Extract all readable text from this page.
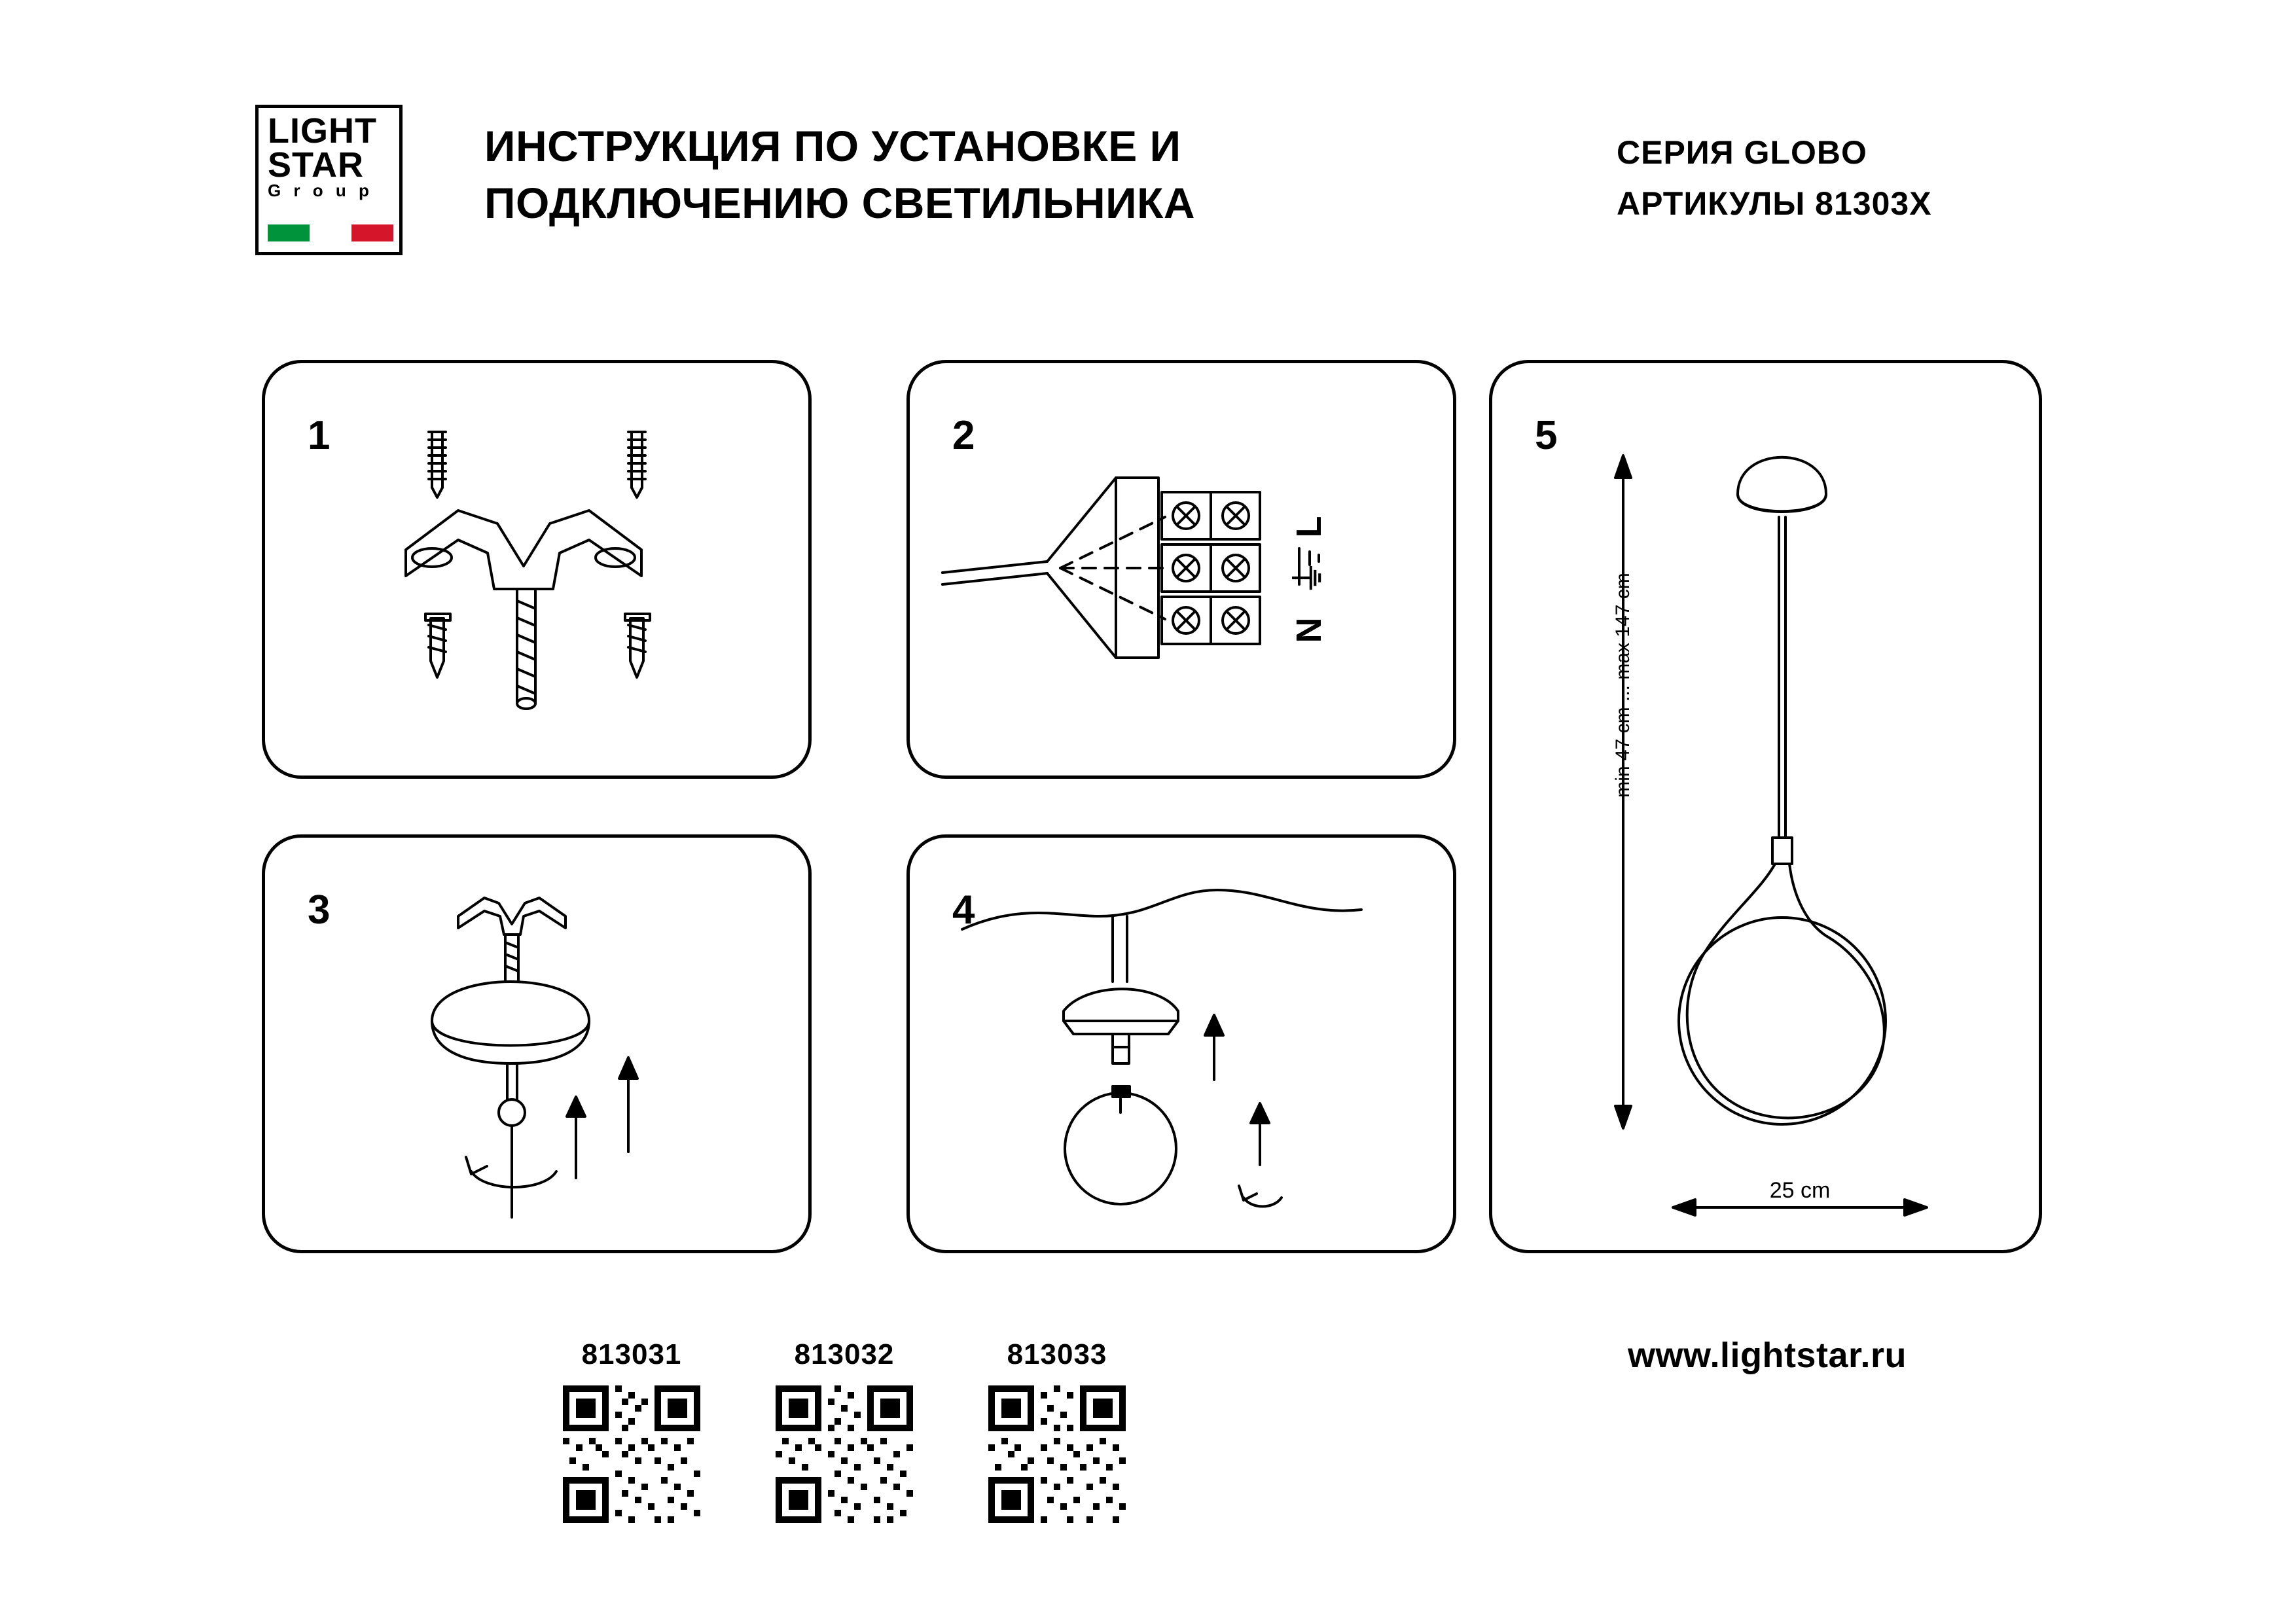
LIGHT
STAR
G r o u p
ИНСТРУКЦИЯ ПО УСТАНОВКЕ И ПОДКЛЮЧЕНИЮ СВЕТИЛЬНИКА
СЕРИЯ GLOBO
АРТИКУЛЫ 81303Х
1	2
3	4
5
L
⏚
N	min 47 cm ... max 147 cm
25 cm
813031	813032	813033	www.lightstar.ru
